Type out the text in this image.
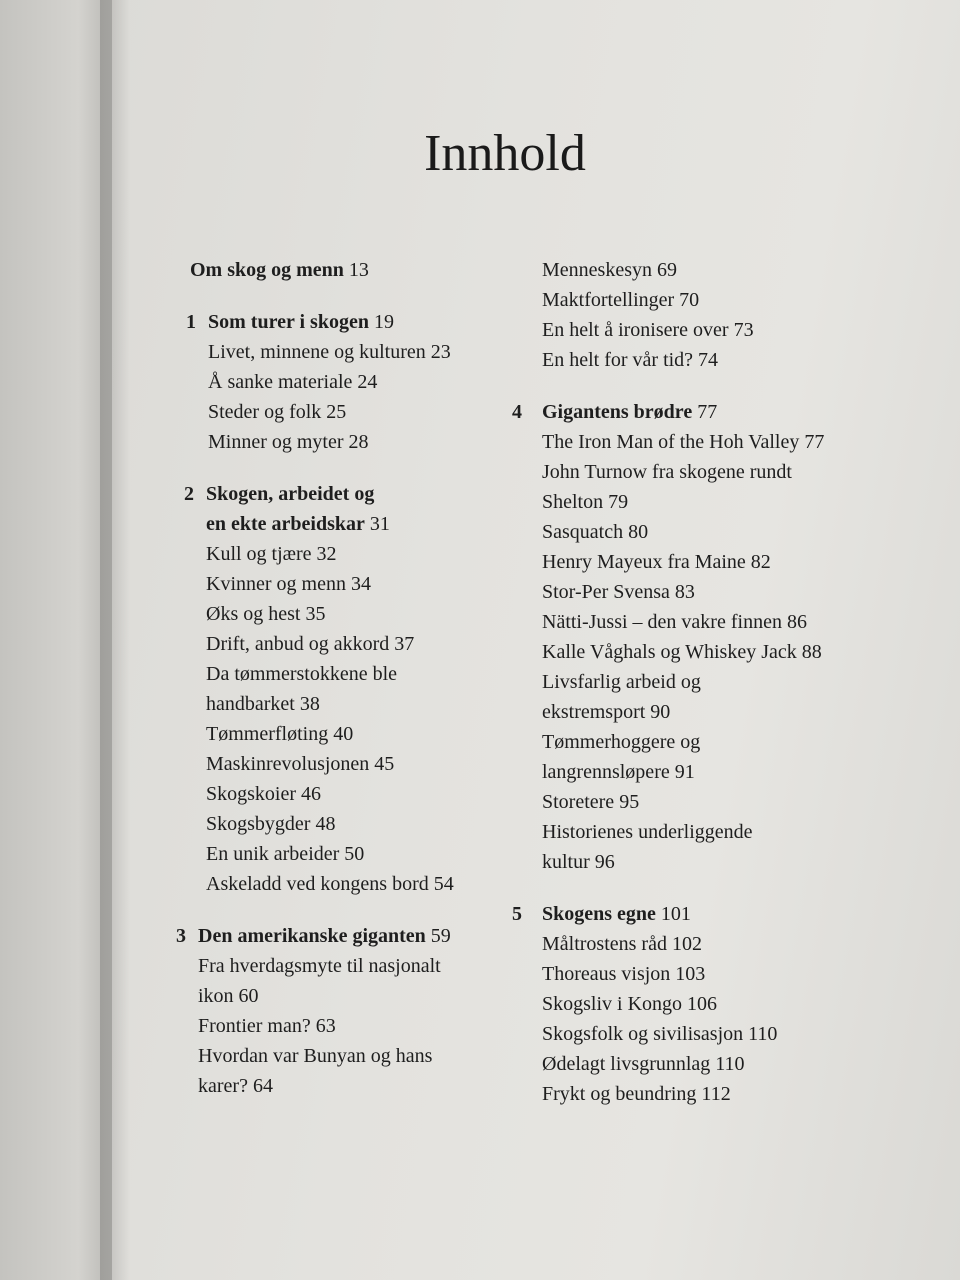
Innhold
Om skog og menn 13
1 Som turer i skogen 19
Livet, minnene og kulturen 23
Å sanke materiale 24
Steder og folk 25
Minner og myter 28
2 Skogen, arbeidet og
en ekte arbeidskar 31
Kull og tjære 32
Kvinner og menn 34
Øks og hest 35
Drift, anbud og akkord 37
Da tømmerstokkene ble
handbarket 38
Tømmerfløting 40
Maskinrevolusjonen 45
Skogskoier 46
Skogsbygder 48
En unik arbeider 50
Askeladd ved kongens bord 54
3 Den amerikanske giganten 59
Fra hverdagsmyte til nasjonalt
ikon 60
Frontier man? 63
Hvordan var Bunyan og hans
karer? 64
Menneskesyn 69
Maktfortellinger 70
En helt å ironisere over 73
En helt for vår tid? 74
4 Gigantens brødre 77
The Iron Man of the Hoh Valley 77
John Turnow fra skogene rundt
Shelton 79
Sasquatch 80
Henry Mayeux fra Maine 82
Stor-Per Svensa 83
Nätti-Jussi – den vakre finnen 86
Kalle Våghals og Whiskey Jack 88
Livsfarlig arbeid og
ekstremsport 90
Tømmerhoggere og
langrennsløpere 91
Storetere 95
Historienes underliggende
kultur 96
5 Skogens egne 101
Måltrostens råd 102
Thoreaus visjon 103
Skogsliv i Kongo 106
Skogsfolk og sivilisasjon 110
Ødelagt livsgrunnlag 110
Frykt og beundring 112
